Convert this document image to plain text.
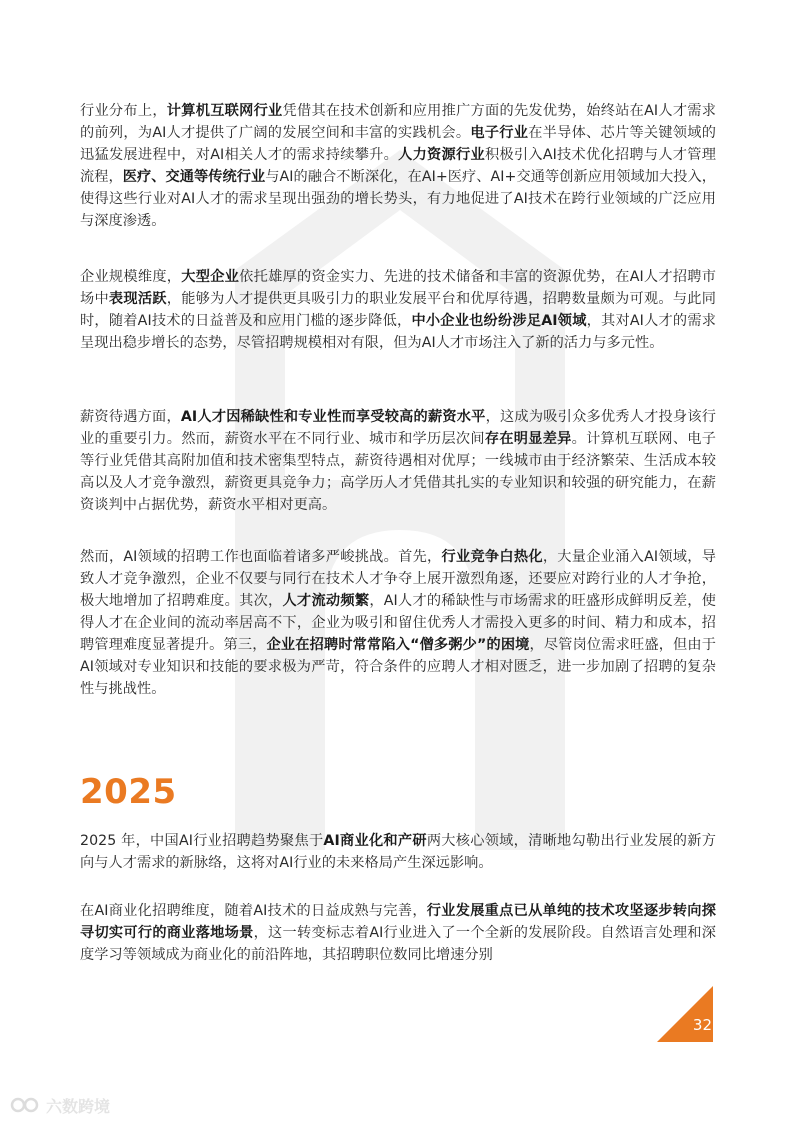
行业分布上，计算机互联网行业凭借其在技术创新和应用推广方面的先发优势，始终站在AI人才需求的前列，为AI人才提供了广阔的发展空间和丰富的实践机会。电子行业在半导体、芯片等关键领域的迅猛发展进程中，对AI相关人才的需求持续攀升。人力资源行业积极引入AI技术优化招聘与人才管理流程，医疗、交通等传统行业与AI的融合不断深化，在AI+医疗、AI+交通等创新应用领域加大投入，使得这些行业对AI人才的需求呈现出强劲的增长势头，有力地促进了AI技术在跨行业领域的广泛应用与深度渗透。

企业规模维度，大型企业依托雄厚的资金实力、先进的技术储备和丰富的资源优势，在AI人才招聘市场中表现活跃，能够为人才提供更具吸引力的职业发展平台和优厚待遇，招聘数量颇为可观。与此同时，随着AI技术的日益普及和应用门槛的逐步降低，中小企业也纷纷涉足AI领域，其对AI人才的需求呈现出稳步增长的态势，尽管招聘规模相对有限，但为AI人才市场注入了新的活力与多元性。

薪资待遇方面，AI人才因稀缺性和专业性而享受较高的薪资水平，这成为吸引众多优秀人才投身该行业的重要引力。然而，薪资水平在不同行业、城市和学历层次间存在明显差异。计算机互联网、电子等行业凭借其高附加值和技术密集型特点，薪资待遇相对优厚；一线城市由于经济繁荣、生活成本较高以及人才竞争激烈，薪资更具竞争力；高学历人才凭借其扎实的专业知识和较强的研究能力，在薪资谈判中占据优势，薪资水平相对更高。

然而，AI领域的招聘工作也面临着诸多严峻挑战。首先，行业竞争白热化，大量企业涌入AI领域，导致人才竞争激烈，企业不仅要与同行在技术人才争夺上展开激烈角逐，还要应对跨行业的人才争抢，极大地增加了招聘难度。其次，人才流动频繁，AI人才的稀缺性与市场需求的旺盛形成鲜明反差，使得人才在企业间的流动率居高不下，企业为吸引和留住优秀人才需投入更多的时间、精力和成本，招聘管理难度显著提升。第三，企业在招聘时常常陷入“僧多粥少”的困境，尽管岗位需求旺盛，但由于AI领域对专业知识和技能的要求极为严苛，符合条件的应聘人才相对匮乏，进一步加剧了招聘的复杂性与挑战性。

2025

2025 年，中国AI行业招聘趋势聚焦于AI商业化和产研两大核心领域，清晰地勾勒出行业发展的新方向与人才需求的新脉络，这将对AI行业的未来格局产生深远影响。

在AI商业化招聘维度，随着AI技术的日益成熟与完善，行业发展重点已从单纯的技术攻坚逐步转向探寻切实可行的商业落地场景，这一转变标志着AI行业进入了一个全新的发展阶段。自然语言处理和深度学习等领域成为商业化的前沿阵地，其招聘职位数同比增速分别

32
六数跨境
